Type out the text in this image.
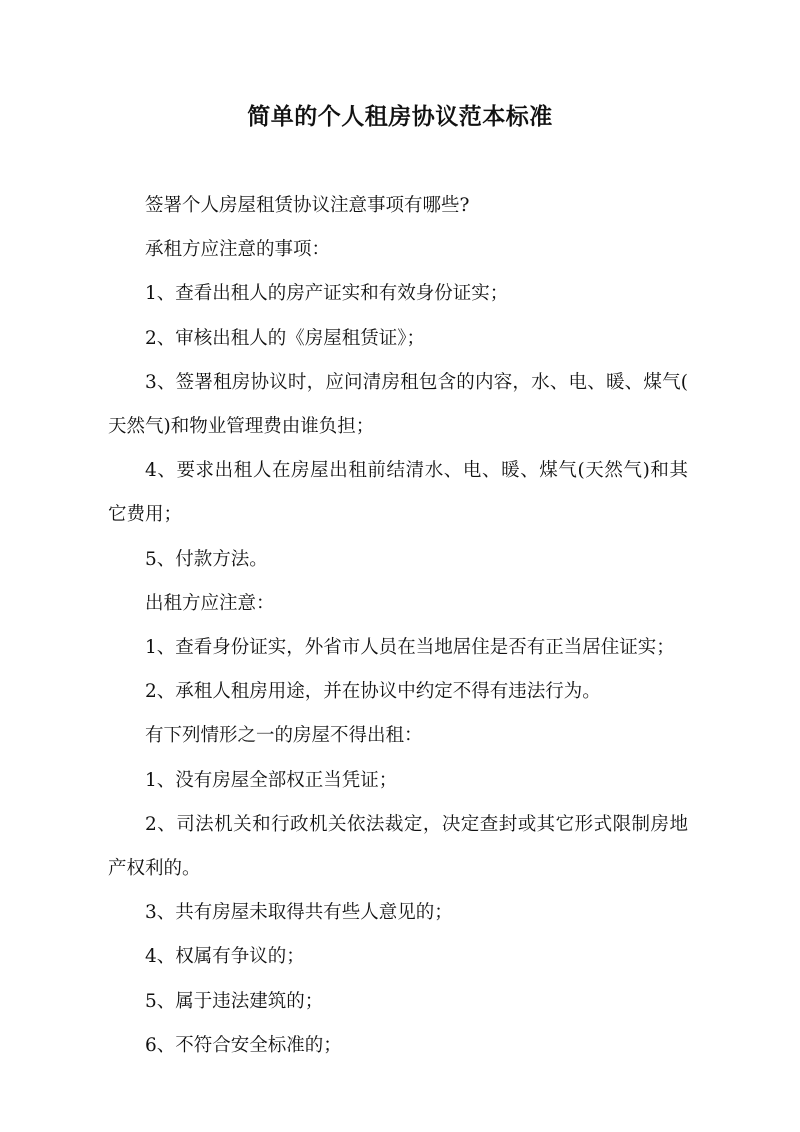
简单的个人租房协议范本标准

签署个人房屋租赁协议注意事项有哪些?

承租方应注意的事项：

1、查看出租人的房产证实和有效身份证实；

2、审核出租人的《房屋租赁证》；

3、签署租房协议时，应问清房租包含的内容，水、电、暖、煤气(天然气)和物业管理费由谁负担；

4、要求出租人在房屋出租前结清水、电、暖、煤气(天然气)和其它费用；

5、付款方法。

出租方应注意：

1、查看身份证实，外省市人员在当地居住是否有正当居住证实；

2、承租人租房用途，并在协议中约定不得有违法行为。

有下列情形之一的房屋不得出租：

1、没有房屋全部权正当凭证；

2、司法机关和行政机关依法裁定，决定查封或其它形式限制房地产权利的。

3、共有房屋未取得共有些人意见的；

4、权属有争议的；

5、属于违法建筑的；

6、不符合安全标准的；
